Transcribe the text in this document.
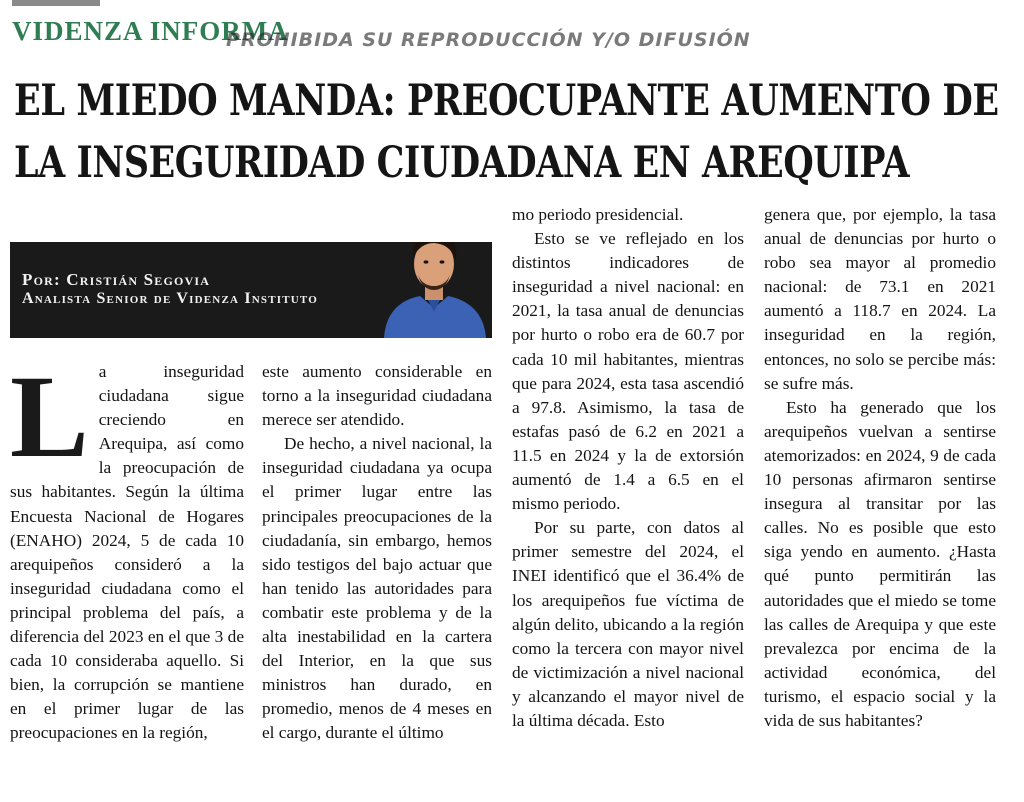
VIDENZA INFORMA
PROHIBIDA SU REPRODUCCIÓN Y/O DIFUSIÓN
EL MIEDO MANDA: PREOCUPANTE AUMENTO DE
LA INSEGURIDAD CIUDADANA EN AREQUIPA
Por: Cristián Segovia
Analista Senior de Videnza Instituto
L a inseguridad ciudadana sigue creciendo en Arequipa, así como la preocupación de sus habitantes. Según la última Encuesta Nacional de Hogares (ENAHO) 2024, 5 de cada 10 arequipeños consideró a la inseguridad ciudadana como el principal problema del país, a diferencia del 2023 en el que 3 de cada 10 consideraba aquello. Si bien, la corrupción se mantiene en el primer lugar de las preocupaciones en la región,

este aumento considerable en torno a la inseguridad ciudadana merece ser atendido.

De hecho, a nivel nacional, la inseguridad ciudadana ya ocupa el primer lugar entre las principales preocupaciones de la ciudadanía, sin embargo, hemos sido testigos del bajo actuar que han tenido las autoridades para combatir este problema y de la alta inestabilidad en la cartera del Interior, en la que sus ministros han durado, en promedio, menos de 4 meses en el cargo, durante el último

mo periodo presidencial.

Esto se ve reflejado en los distintos indicadores de inseguridad a nivel nacional: en 2021, la tasa anual de denuncias por hurto o robo era de 60.7 por cada 10 mil habitantes, mientras que para 2024, esta tasa ascendió a 97.8. Asimismo, la tasa de estafas pasó de 6.2 en 2021 a 11.5 en 2024 y la de extorsión aumentó de 1.4 a 6.5 en el mismo periodo.

Por su parte, con datos al primer semestre del 2024, el INEI identificó que el 36.4% de los arequipeños fue víctima de algún delito, ubicando a la región como la tercera con mayor nivel de victimización a nivel nacional y alcanzando el mayor nivel de la última década. Esto

genera que, por ejemplo, la tasa anual de denuncias por hurto o robo sea mayor al promedio nacional: de 73.1 en 2021 aumentó a 118.7 en 2024. La inseguridad en la región, entonces, no solo se percibe más: se sufre más.

Esto ha generado que los arequipeños vuelvan a sentirse atemorizados: en 2024, 9 de cada 10 personas afirmaron sentirse insegura al transitar por las calles. No es posible que esto siga yendo en aumento. ¿Hasta qué punto permitirán las autoridades que el miedo se tome las calles de Arequipa y que este prevalezca por encima de la actividad económica, del turismo, el espacio social y la vida de sus habitantes?
